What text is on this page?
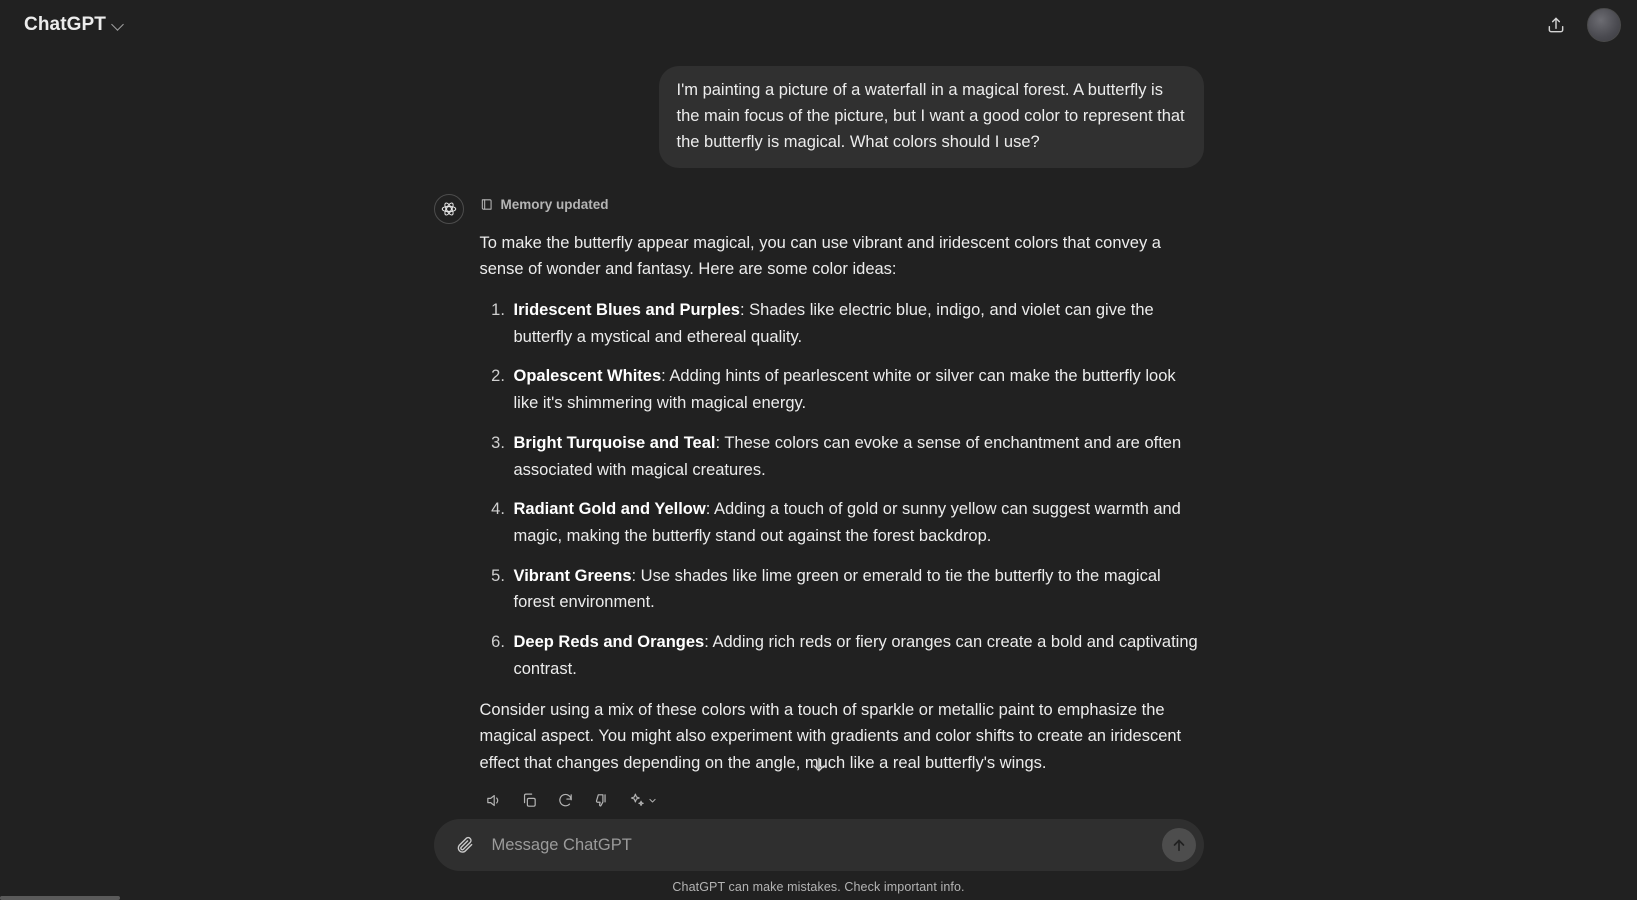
ChatGPT
I'm painting a picture of a waterfall in a magical forest. A butterfly is the main focus of the picture, but I want a good color to represent that the butterfly is magical. What colors should I use?
Memory updated

To make the butterfly appear magical, you can use vibrant and iridescent colors that convey a sense of wonder and fantasy. Here are some color ideas:

1. Iridescent Blues and Purples: Shades like electric blue, indigo, and violet can give the butterfly a mystical and ethereal quality.
2. Opalescent Whites: Adding hints of pearlescent white or silver can make the butterfly look like it's shimmering with magical energy.
3. Bright Turquoise and Teal: These colors can evoke a sense of enchantment and are often associated with magical creatures.
4. Radiant Gold and Yellow: Adding a touch of gold or sunny yellow can suggest warmth and magic, making the butterfly stand out against the forest backdrop.
5. Vibrant Greens: Use shades like lime green or emerald to tie the butterfly to the magical forest environment.
6. Deep Reds and Oranges: Adding rich reds or fiery oranges can create a bold and captivating contrast.

Consider using a mix of these colors with a touch of sparkle or metallic paint to emphasize the magical aspect. You might also experiment with gradients and color shifts to create an iridescent effect that changes depending on the angle, much like a real butterfly's wings.

Message ChatGPT
ChatGPT can make mistakes. Check important info.
